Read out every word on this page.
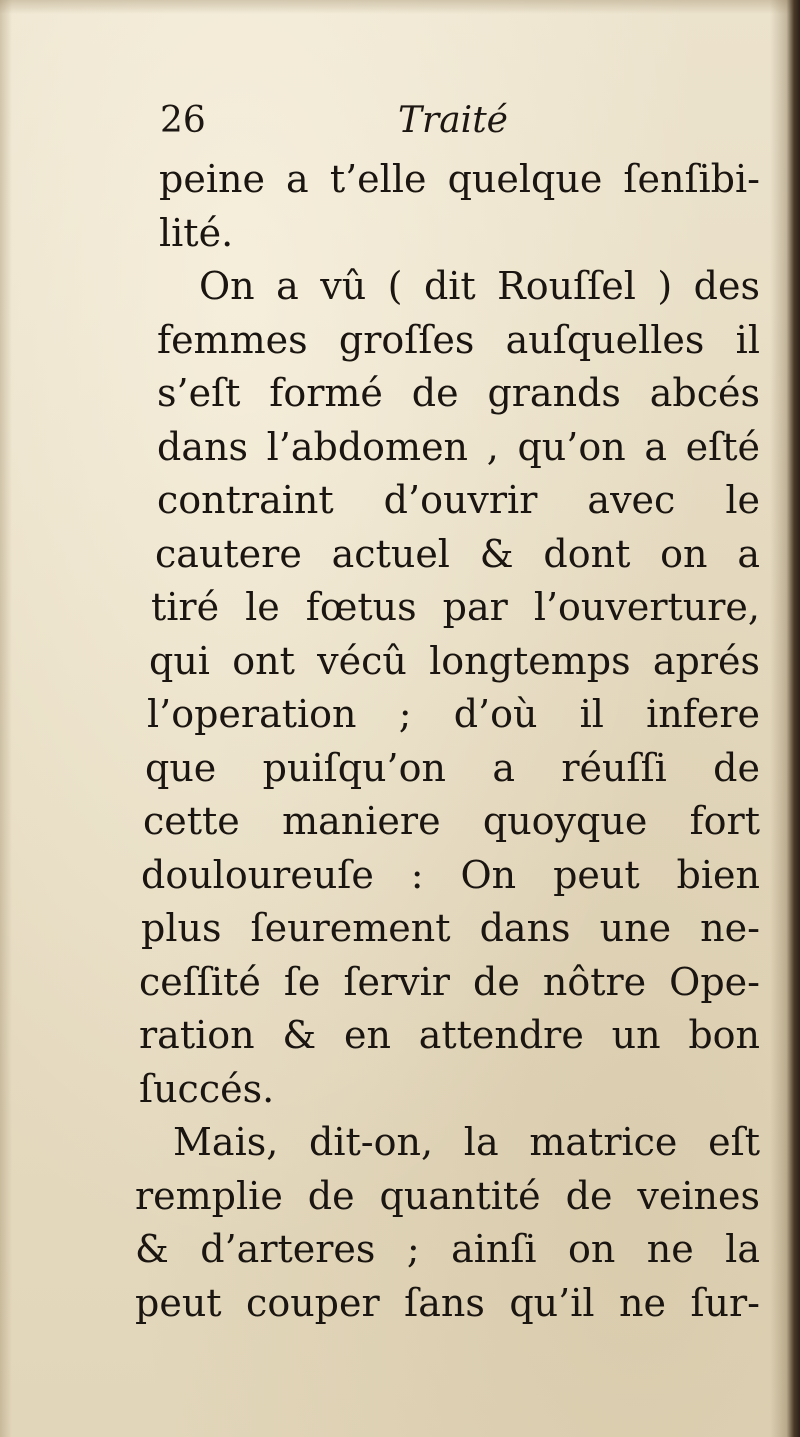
26	Traité
peine a t’elle quelque ſenſibi-
lité.
On a vû ( dit Rouſſel ) des
femmes groſſes auſquelles il
s’eſt formé de grands abcés
dans l’abdomen , qu’on a eſté
contraint d’ouvrir avec le
cautere actuel & dont on a
tiré le fœtus par l’ouverture,
qui ont vécû longtemps aprés
l’operation ; d’où il infere
que puiſqu’on a réuſſi de
cette maniere quoyque fort
douloureuſe : On peut bien
plus ſeurement dans une ne-
ceſſité ſe ſervir de nôtre Ope-
ration & en attendre un bon
ſuccés.
Mais, dit-on, la matrice eſt
remplie de quantité de veines
& d’arteres ; ainſi on ne la
peut couper ſans qu’il ne ſur-
